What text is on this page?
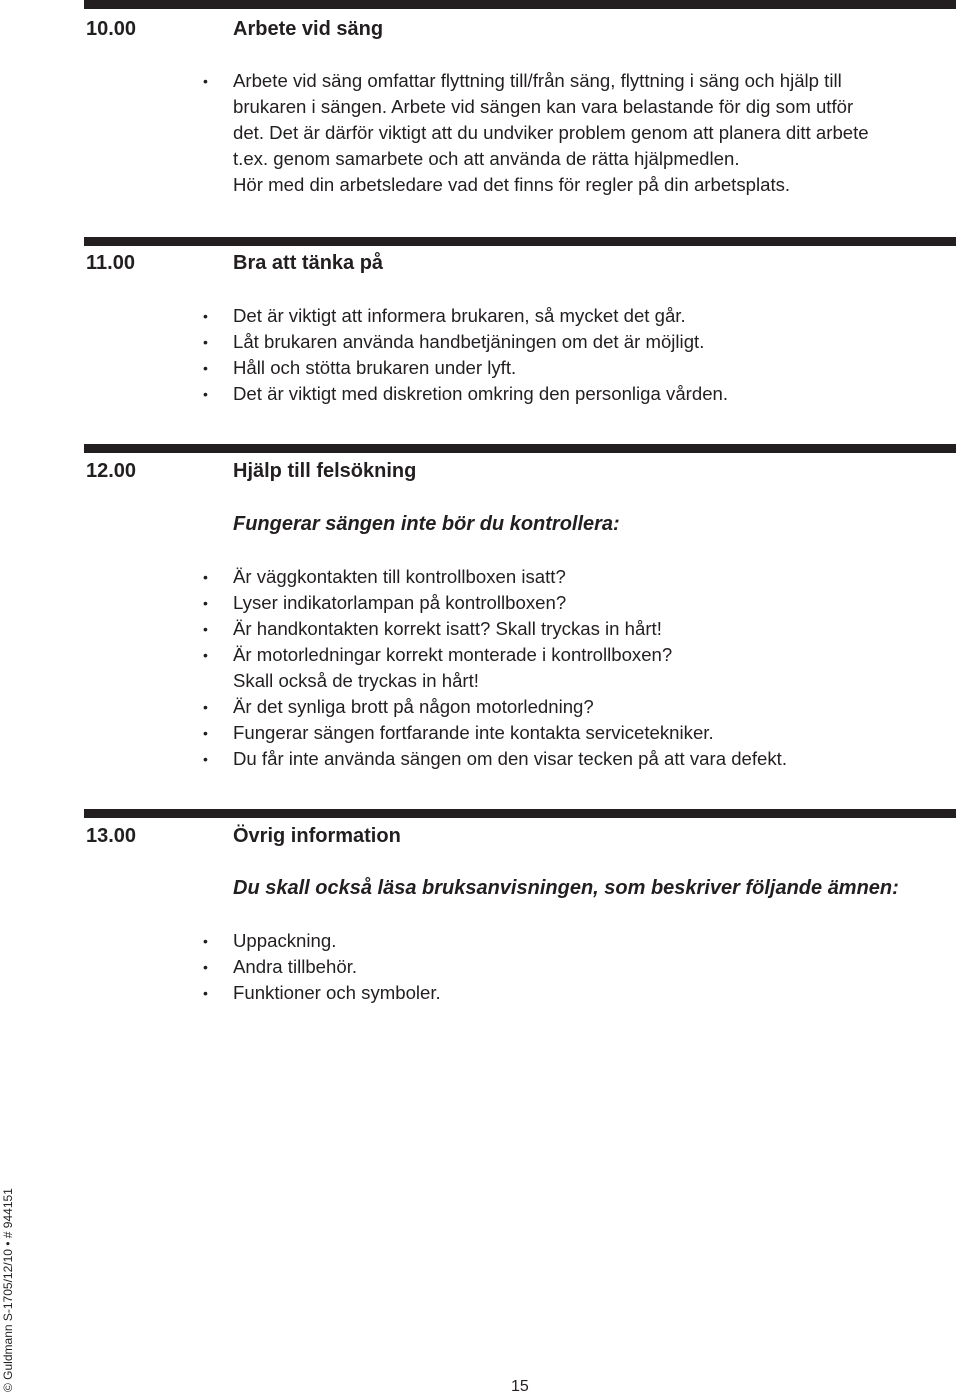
10.00	Arbete vid säng
• Arbete vid säng omfattar flyttning till/från säng, flyttning i säng och hjälp till
brukaren i sängen. Arbete vid sängen kan vara belastande för dig som utför
det. Det är därför viktigt att du undviker problem genom att planera ditt arbete
t.ex. genom samarbete och att använda de rätta hjälpmedlen.
Hör med din arbetsledare vad det finns för regler på din arbetsplats.
11.00	Bra att tänka på
• Det är viktigt att informera brukaren, så mycket det går.
• Låt brukaren använda handbetjäningen om det är möjligt.
• Håll och stötta brukaren under lyft.
• Det är viktigt med diskretion omkring den personliga vården.
12.00	Hjälp till felsökning
Fungerar sängen inte bör du kontrollera:
• Är väggkontakten till kontrollboxen isatt?
• Lyser indikatorlampan på kontrollboxen?
• Är handkontakten korrekt isatt? Skall tryckas in hårt!
• Är motorledningar korrekt monterade i kontrollboxen?
Skall också de tryckas in hårt!
• Är det synliga brott på någon motorledning?
• Fungerar sängen fortfarande inte kontakta servicetekniker.
• Du får inte använda sängen om den visar tecken på att vara defekt.
13.00	Övrig information
Du skall också läsa bruksanvisningen, som beskriver följande ämnen:
• Uppackning.
• Andra tillbehör.
• Funktioner och symboler.
© Guldmann S-1705/12/10 • # 944151	15
